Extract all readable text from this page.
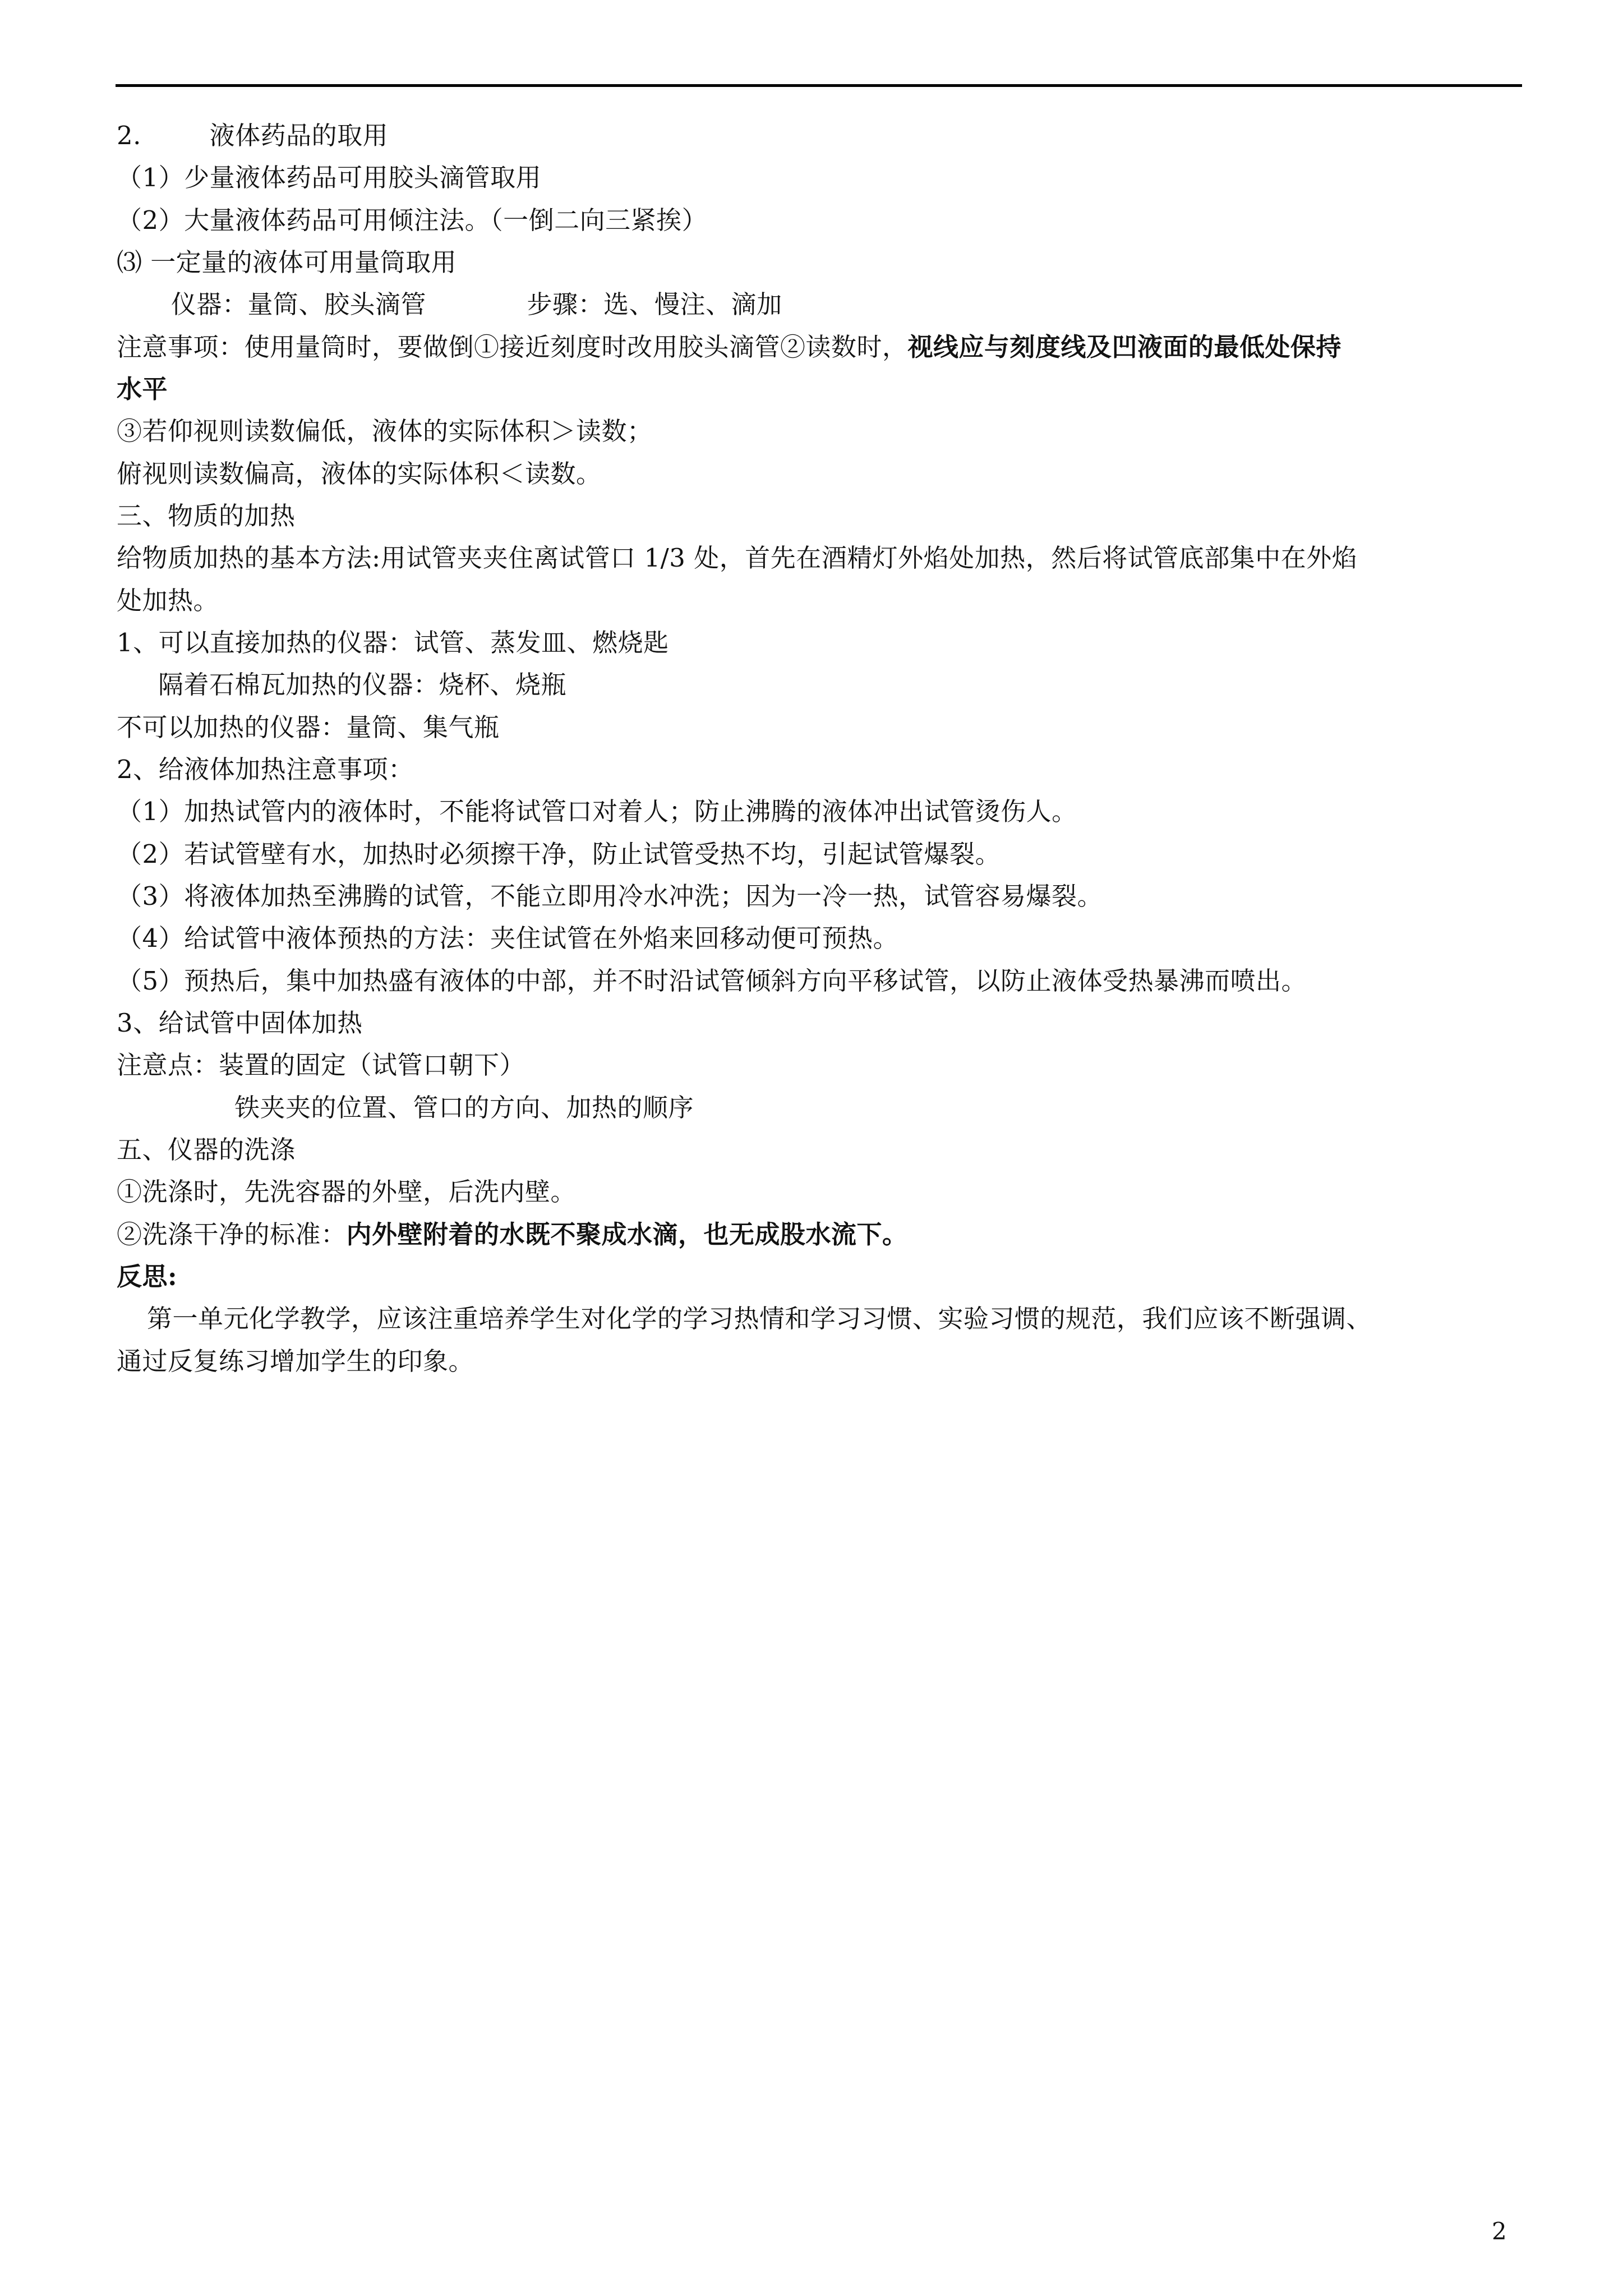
2.	液体药品的取用
（1）少量液体药品可用胶头滴管取用
（2）大量液体药品可用倾注法。（一倒二向三紧挨）
⑶ 一定量的液体可用量筒取用
仪器：量筒、胶头滴管	步骤：选、慢注、滴加
注意事项：使用量筒时，要做倒①接近刻度时改用胶头滴管②读数时，视线应与刻度线及凹液面的最低处保持
水平
③若仰视则读数偏低，液体的实际体积＞读数；
俯视则读数偏高，液体的实际体积＜读数。
三、物质的加热
给物质加热的基本方法:用试管夹夹住离试管口 1/3 处，首先在酒精灯外焰处加热，然后将试管底部集中在外焰
处加热。
1、可以直接加热的仪器：试管、蒸发皿、燃烧匙
隔着石棉瓦加热的仪器：烧杯、烧瓶
不可以加热的仪器：量筒、集气瓶
2、给液体加热注意事项：
（1）加热试管内的液体时，不能将试管口对着人；防止沸腾的液体冲出试管烫伤人。
（2）若试管壁有水，加热时必须擦干净，防止试管受热不均，引起试管爆裂。
（3）将液体加热至沸腾的试管，不能立即用冷水冲洗；因为一冷一热，试管容易爆裂。
（4）给试管中液体预热的方法：夹住试管在外焰来回移动便可预热。
（5）预热后，集中加热盛有液体的中部，并不时沿试管倾斜方向平移试管，以防止液体受热暴沸而喷出。
3、给试管中固体加热
注意点：装置的固定（试管口朝下）
铁夹夹的位置、管口的方向、加热的顺序
五、仪器的洗涤
①洗涤时，先洗容器的外壁，后洗内壁。
②洗涤干净的标准：内外壁附着的水既不聚成水滴，也无成股水流下。
反思:
第一单元化学教学，应该注重培养学生对化学的学习热情和学习习惯、实验习惯的规范，我们应该不断强调、
通过反复练习增加学生的印象。
2
